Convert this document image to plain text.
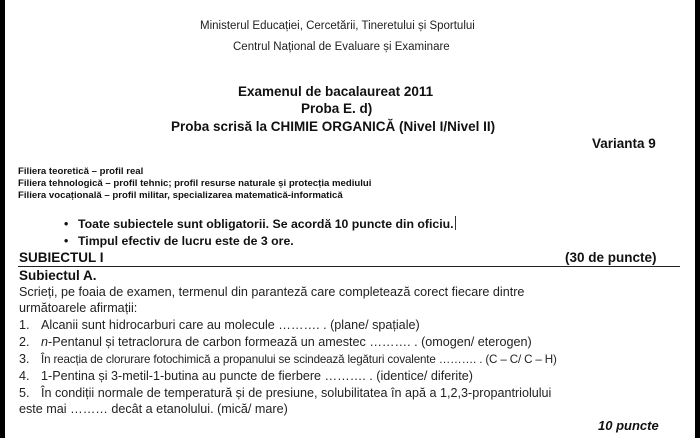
Ministerul Educației, Cercetării, Tineretului și Sportului
Centrul Național de Evaluare și Examinare
Examenul de bacalaureat 2011
Proba E. d)
Proba scrisă la CHIMIE ORGANICĂ (Nivel I/Nivel II)
Varianta 9
Filiera teoretică – profil real
Filiera tehnologică – profil tehnic; profil resurse naturale și protecția mediului
Filiera vocațională – profil militar, specializarea matematică-informatică
• Toate subiectele sunt obligatorii. Se acordă 10 puncte din oficiu.
• Timpul efectiv de lucru este de 3 ore.
SUBIECTUL I	(30 de puncte)
Subiectul A.
Scrieți, pe foaia de examen, termenul din paranteză care completează corect fiecare dintre
următoarele afirmații:
1. Alcanii sunt hidrocarburi care au molecule ………. . (plane/ spațiale)
2. n-Pentanul și tetraclorura de carbon formează un amestec ………. . (omogen/ eterogen)
3. În reacția de clorurare fotochimică a propanului se scindează legături covalente ………. . (C – C/ C – H)
4. 1-Pentina și 3-metil-1-butina au puncte de fierbere ………. . (identice/ diferite)
5. În condiții normale de temperatură și de presiune, solubilitatea în apă a 1,2,3-propantriolului
este mai ……… decât a etanolului. (mică/ mare)
10 puncte
